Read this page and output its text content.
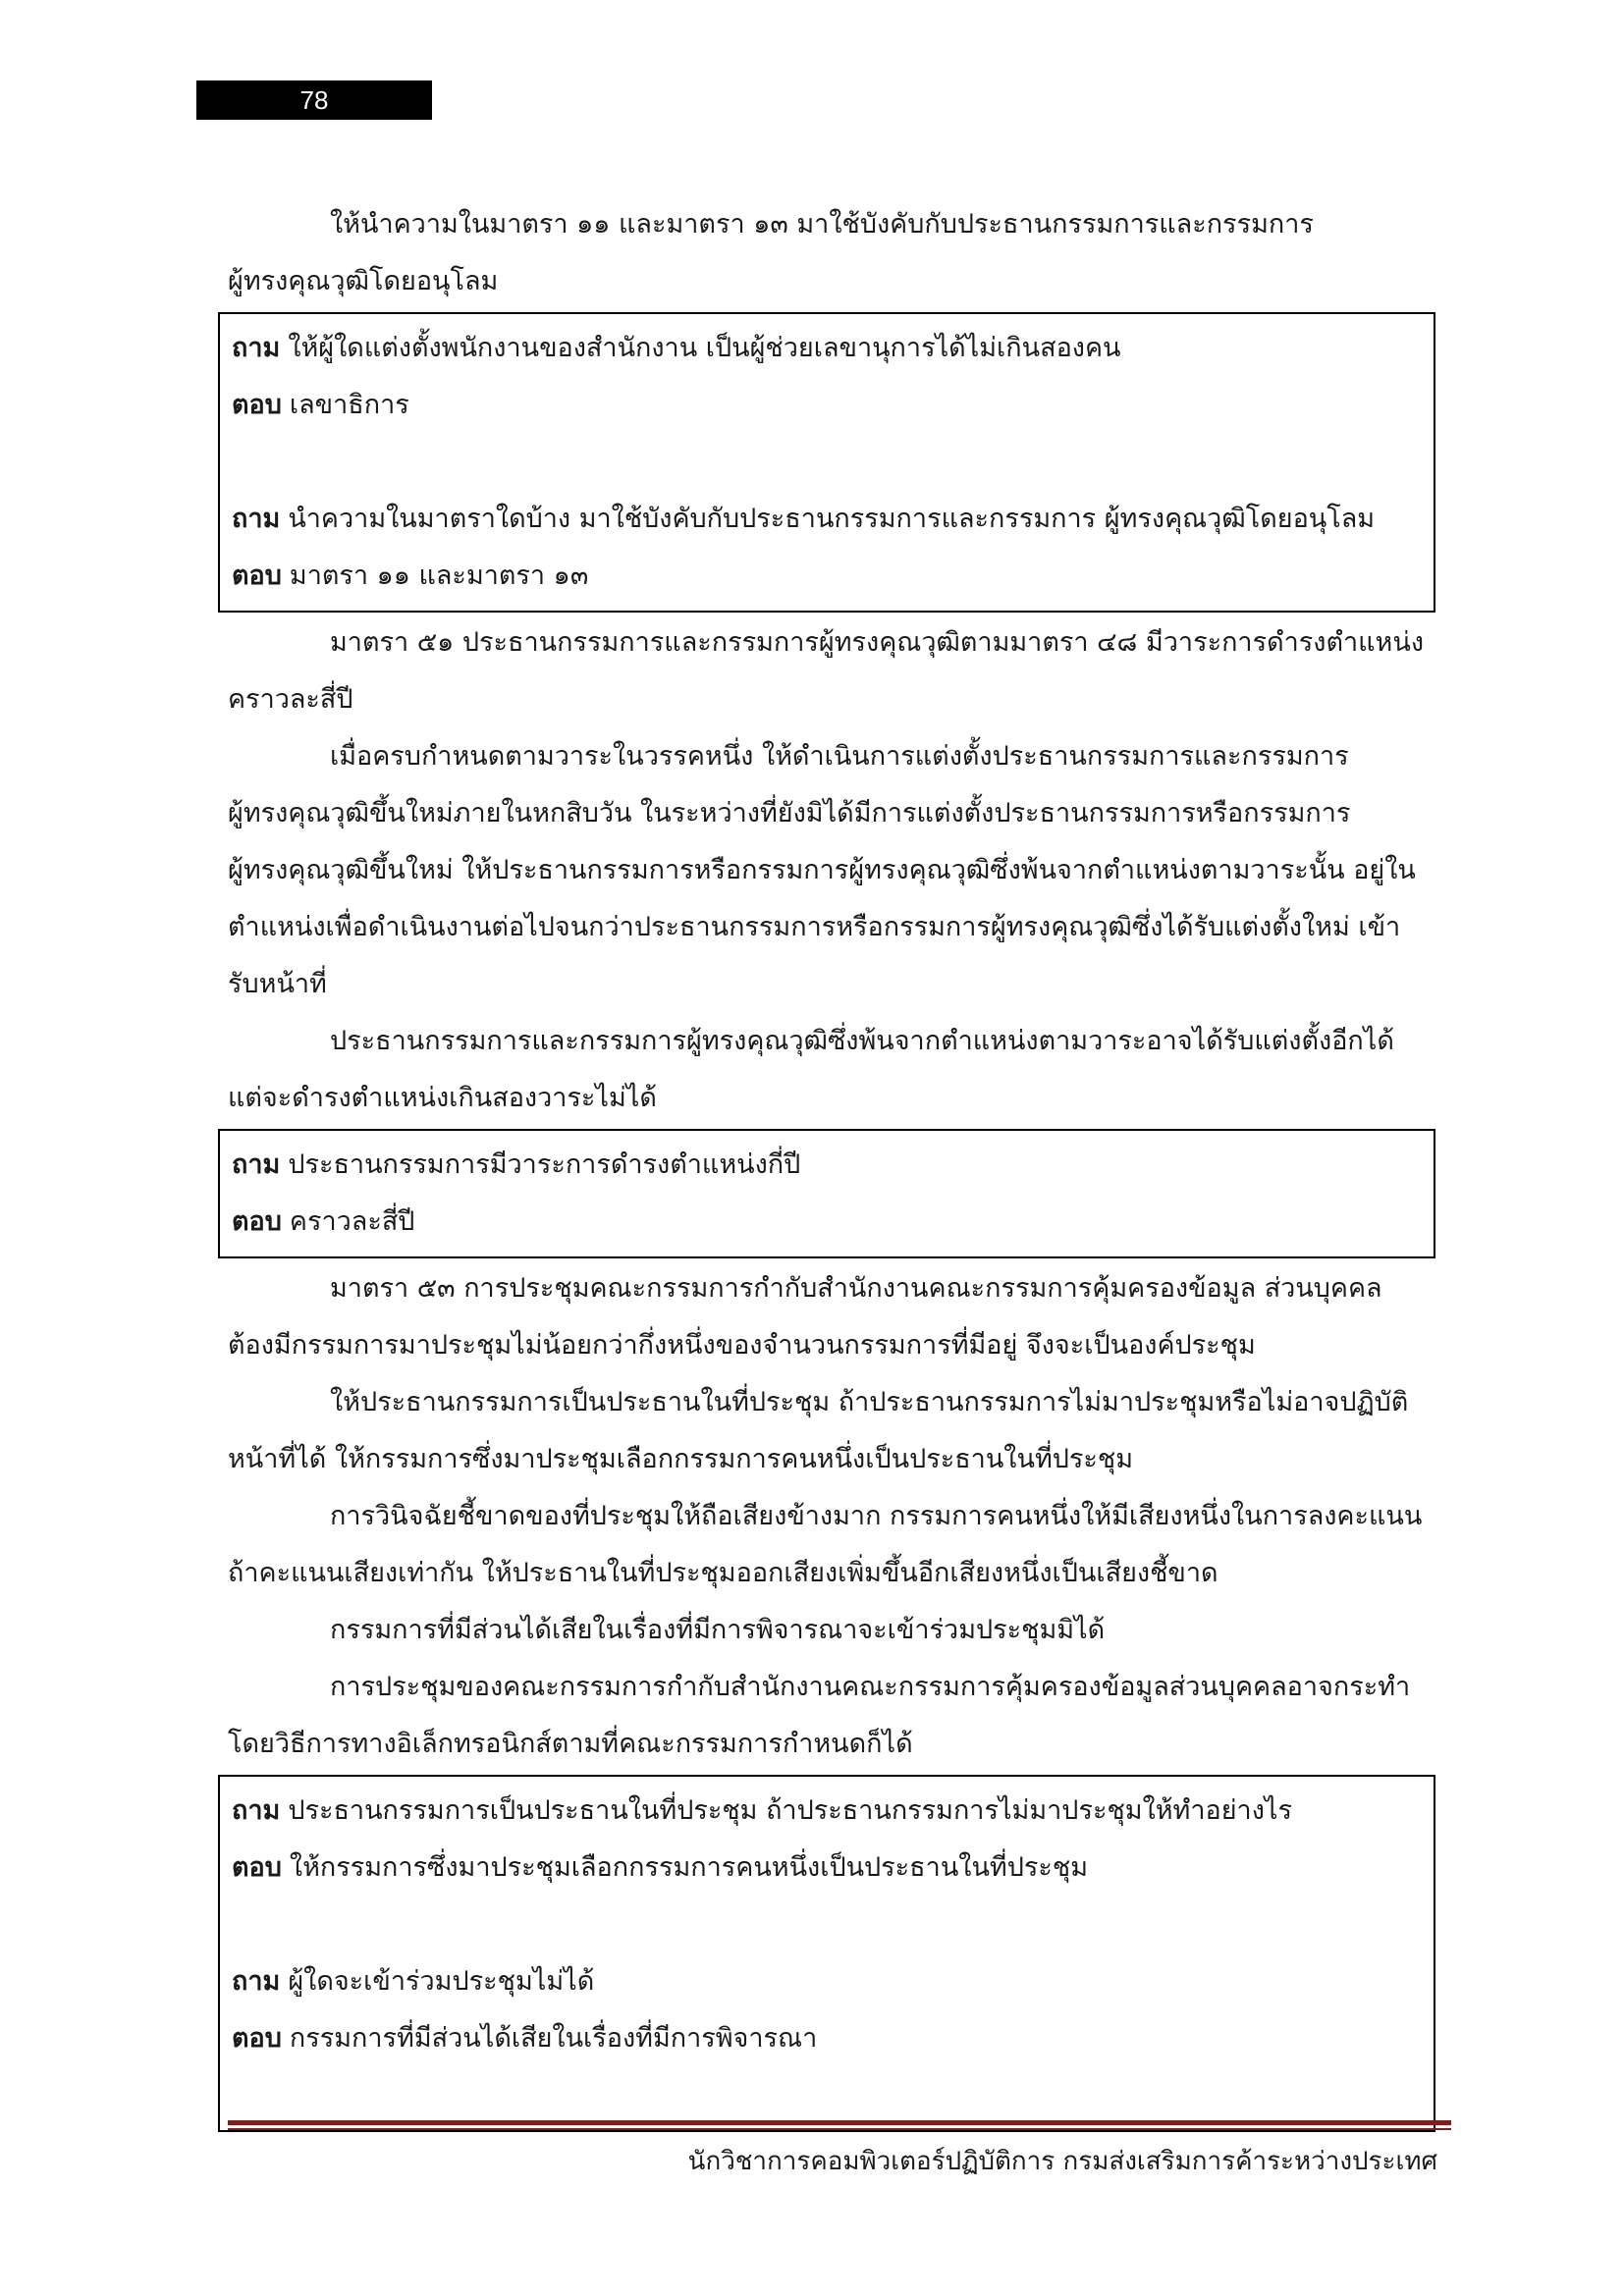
78
ให้นำความในมาตรา ๑๑ และมาตรา ๑๓ มาใช้บังคับกับประธานกรรมการและกรรมการ
ผู้ทรงคุณวุฒิโดยอนุโลม

ถาม ให้ผู้ใดแต่งตั้งพนักงานของสำนักงาน เป็นผู้ช่วยเลขานุการได้ไม่เกินสองคน

ตอบ เลขาธิการ

ถาม นำความในมาตราใดบ้าง มาใช้บังคับกับประธานกรรมการและกรรมการ ผู้ทรงคุณวุฒิโดยอนุโลม

ตอบ มาตรา ๑๑ และมาตรา ๑๓

มาตรา ๕๑ ประธานกรรมการและกรรมการผู้ทรงคุณวุฒิตามมาตรา ๔๘ มีวาระการดำรงตำแหน่ง
คราวละสี่ปี
เมื่อครบกำหนดตามวาระในวรรคหนึ่ง ให้ดำเนินการแต่งตั้งประธานกรรมการและกรรมการ
ผู้ทรงคุณวุฒิขึ้นใหม่ภายในหกสิบวัน ในระหว่างที่ยังมิได้มีการแต่งตั้งประธานกรรมการหรือกรรมการ
ผู้ทรงคุณวุฒิขึ้นใหม่ ให้ประธานกรรมการหรือกรรมการผู้ทรงคุณวุฒิซึ่งพ้นจากตำแหน่งตามวาระนั้น อยู่ใน
ตำแหน่งเพื่อดำเนินงานต่อไปจนกว่าประธานกรรมการหรือกรรมการผู้ทรงคุณวุฒิซึ่งได้รับแต่งตั้งใหม่ เข้า
รับหน้าที่
ประธานกรรมการและกรรมการผู้ทรงคุณวุฒิซึ่งพ้นจากตำแหน่งตามวาระอาจได้รับแต่งตั้งอีกได้
แต่จะดำรงตำแหน่งเกินสองวาระไม่ได้

ถาม ประธานกรรมการมีวาระการดำรงตำแหน่งกี่ปี

ตอบ คราวละสี่ปี

มาตรา ๕๓ การประชุมคณะกรรมการกำกับสำนักงานคณะกรรมการคุ้มครองข้อมูล ส่วนบุคคล
ต้องมีกรรมการมาประชุมไม่น้อยกว่ากึ่งหนึ่งของจำนวนกรรมการที่มีอยู่ จึงจะเป็นองค์ประชุม
ให้ประธานกรรมการเป็นประธานในที่ประชุม ถ้าประธานกรรมการไม่มาประชุมหรือไม่อาจปฏิบัติ
หน้าที่ได้ ให้กรรมการซึ่งมาประชุมเลือกกรรมการคนหนึ่งเป็นประธานในที่ประชุม
การวินิจฉัยชี้ขาดของที่ประชุมให้ถือเสียงข้างมาก กรรมการคนหนึ่งให้มีเสียงหนึ่งในการลงคะแนน
ถ้าคะแนนเสียงเท่ากัน ให้ประธานในที่ประชุมออกเสียงเพิ่มขึ้นอีกเสียงหนึ่งเป็นเสียงชี้ขาด
กรรมการที่มีส่วนได้เสียในเรื่องที่มีการพิจารณาจะเข้าร่วมประชุมมิได้
การประชุมของคณะกรรมการกำกับสำนักงานคณะกรรมการคุ้มครองข้อมูลส่วนบุคคลอาจกระทำ
โดยวิธีการทางอิเล็กทรอนิกส์ตามที่คณะกรรมการกำหนดก็ได้

ถาม ประธานกรรมการเป็นประธานในที่ประชุม ถ้าประธานกรรมการไม่มาประชุมให้ทำอย่างไร

ตอบ ให้กรรมการซึ่งมาประชุมเลือกกรรมการคนหนึ่งเป็นประธานในที่ประชุม

ถาม ผู้ใดจะเข้าร่วมประชุมไม่ได้

ตอบ กรรมการที่มีส่วนได้เสียในเรื่องที่มีการพิจารณา

นักวิชาการคอมพิวเตอร์ปฏิบัติการ กรมส่งเสริมการค้าระหว่างประเทศ
